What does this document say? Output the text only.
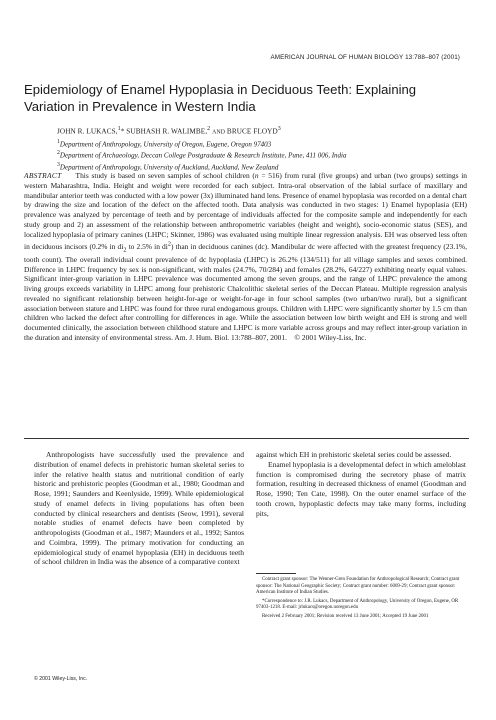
AMERICAN JOURNAL OF HUMAN BIOLOGY 13:788–807 (2001)
Epidemiology of Enamel Hypoplasia in Deciduous Teeth: Explaining Variation in Prevalence in Western India
JOHN R. LUKACS,$^1$* SUBHASH R. WALIMBE,$^2$ AND BRUCE FLOYD$^3$
$^1$Department of Anthropology, University of Oregon, Eugene, Oregon 97403
$^2$Department of Archaeology, Deccan College Postgraduate & Research Institute, Pune, 411 006, India
$^3$Department of Anthropology, University of Auckland, Auckland, New Zealand

ABSTRACT This study is based on seven samples of school children (n = 516) from rural (five groups) and urban (two groups) settings in western Maharashtra, India. Height and weight were recorded for each subject. Intra-oral observation of the labial surface of maxillary and mandibular anterior teeth was conducted with a low power (3x) illuminated hand lens. Presence of enamel hypoplasia was recorded on a dental chart by drawing the size and location of the defect on the affected tooth. Data analysis was conducted in two stages: 1) Enamel hypoplasia (EH) prevalence was analyzed by percentage of teeth and by percentage of individuals affected for the composite sample and independently for each study group and 2) an assessment of the relationship between anthropometric variables (height and weight), socio-economic status (SES), and localized hypoplasia of primary canines (LHPC; Skinner, 1986) was evaluated using multiple linear regression analysis. EH was observed less often in deciduous incisors (0.2% in $di_2$ to 2.5% in $di^2$) than in deciduous canines (dc). Mandibular dc were affected with the greatest frequency (23.1%, tooth count). The overall individual count prevalence of dc hypoplasia (LHPC) is 26.2% (134/511) for all village samples and sexes combined. Difference in LHPC frequency by sex is non-significant, with males (24.7%, 70/284) and females (28.2%, 64/227) exhibiting nearly equal values. Significant inter-group variation in LHPC prevalence was documented among the seven groups, and the range of LHPC prevalence the among living groups exceeds variability in LHPC among four prehistoric Chalcolithic skeletal series of the Deccan Plateau. Multiple regression analysis revealed no significant relationship between height-for-age or weight-for-age in four school samples (two urban/two rural), but a significant association between stature and LHPC was found for three rural endogamous groups. Children with LHPC were significantly shorter by 1.5 cm than children who lacked the defect after controlling for differences in age. While the association between low birth weight and EH is strong and well documented clinically, the association between childhood stature and LHPC is more variable across groups and may reflect inter-group variation in the duration and intensity of environmental stress. Am. J. Hum. Biol. 13:788–807, 2001.    © 2001 Wiley-Liss, Inc.

Anthropologists have successfully used the prevalence and distribution of enamel defects in prehistoric human skeletal series to infer the relative health status and nutritional condition of early historic and prehistoric peoples (Goodman et al., 1980; Goodman and Rose, 1991; Saunders and Keenlyside, 1999). While epidemiological study of enamel defects in living populations has often been conducted by clinical researchers and dentists (Seow, 1991), several notable studies of enamel defects have been completed by anthropologists (Goodman et al., 1987; Maunders et al., 1992; Santos and Coimbra, 1999). The primary motivation for conducting an epidemiological study of enamel hypoplasia (EH) in deciduous teeth of school children in India was the absence of a comparative context

against which EH in prehistoric skeletal series could be assessed.

Enamel hypoplasia is a developmental defect in which ameloblast function is compromised during the secretory phase of matrix formation, resulting in decreased thickness of enamel (Goodman and Rose, 1990; Ten Cate, 1998). On the outer enamel surface of the tooth crown, hypoplastic defects may take many forms, including pits,

Contract grant sponsor: The Wenner-Gren Foundation for Anthropological Research; Contract grant sponsor: The National Geographic Society; Contract grant number: 6069-29; Contract grant sponsor: American Institute of Indian Studies.

*Correspondence to: J.R. Lukacs, Department of Anthropology, University of Oregon, Eugene, OR 97403-1218. E-mail: jrlukacs@oregon.uoregon.edu

Received 2 February 2001; Revision received 13 June 2001; Accepted 19 June 2001

© 2001 Wiley-Liss, Inc.
